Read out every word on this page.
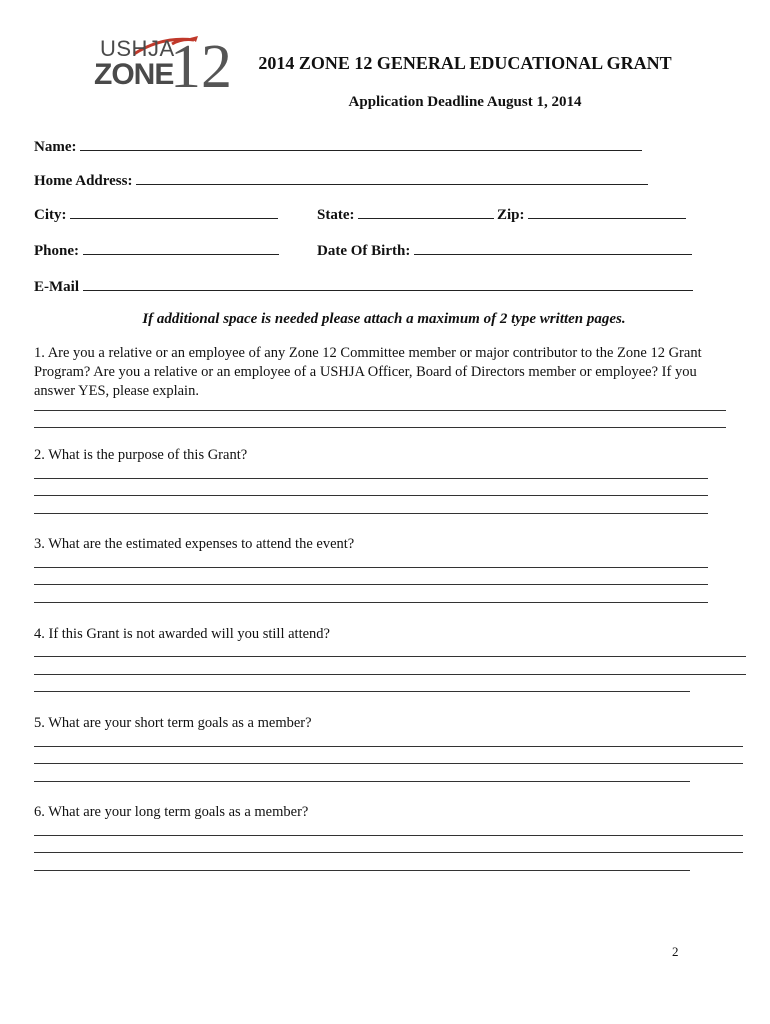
USHJA
ZONE
12	2014 ZONE 12 GENERAL EDUCATIONAL GRANT
Application Deadline August 1, 2014
Name:
Home Address:
City:	State:	Zip:
Phone:	Date Of Birth:
E-Mail
If additional space is needed please attach a maximum of 2 type written pages.
1. Are you a relative or an employee of any Zone 12 Committee member or major contributor to the Zone 12 Grant Program? Are you a relative or an employee of a USHJA Officer, Board of Directors member or employee? If you answer YES, please explain.
2. What is the purpose of this Grant?
3. What are the estimated expenses to attend the event?
4. If this Grant is not awarded will you still attend?
5. What are your short term goals as a member?
6. What are your long term goals as a member?
2
